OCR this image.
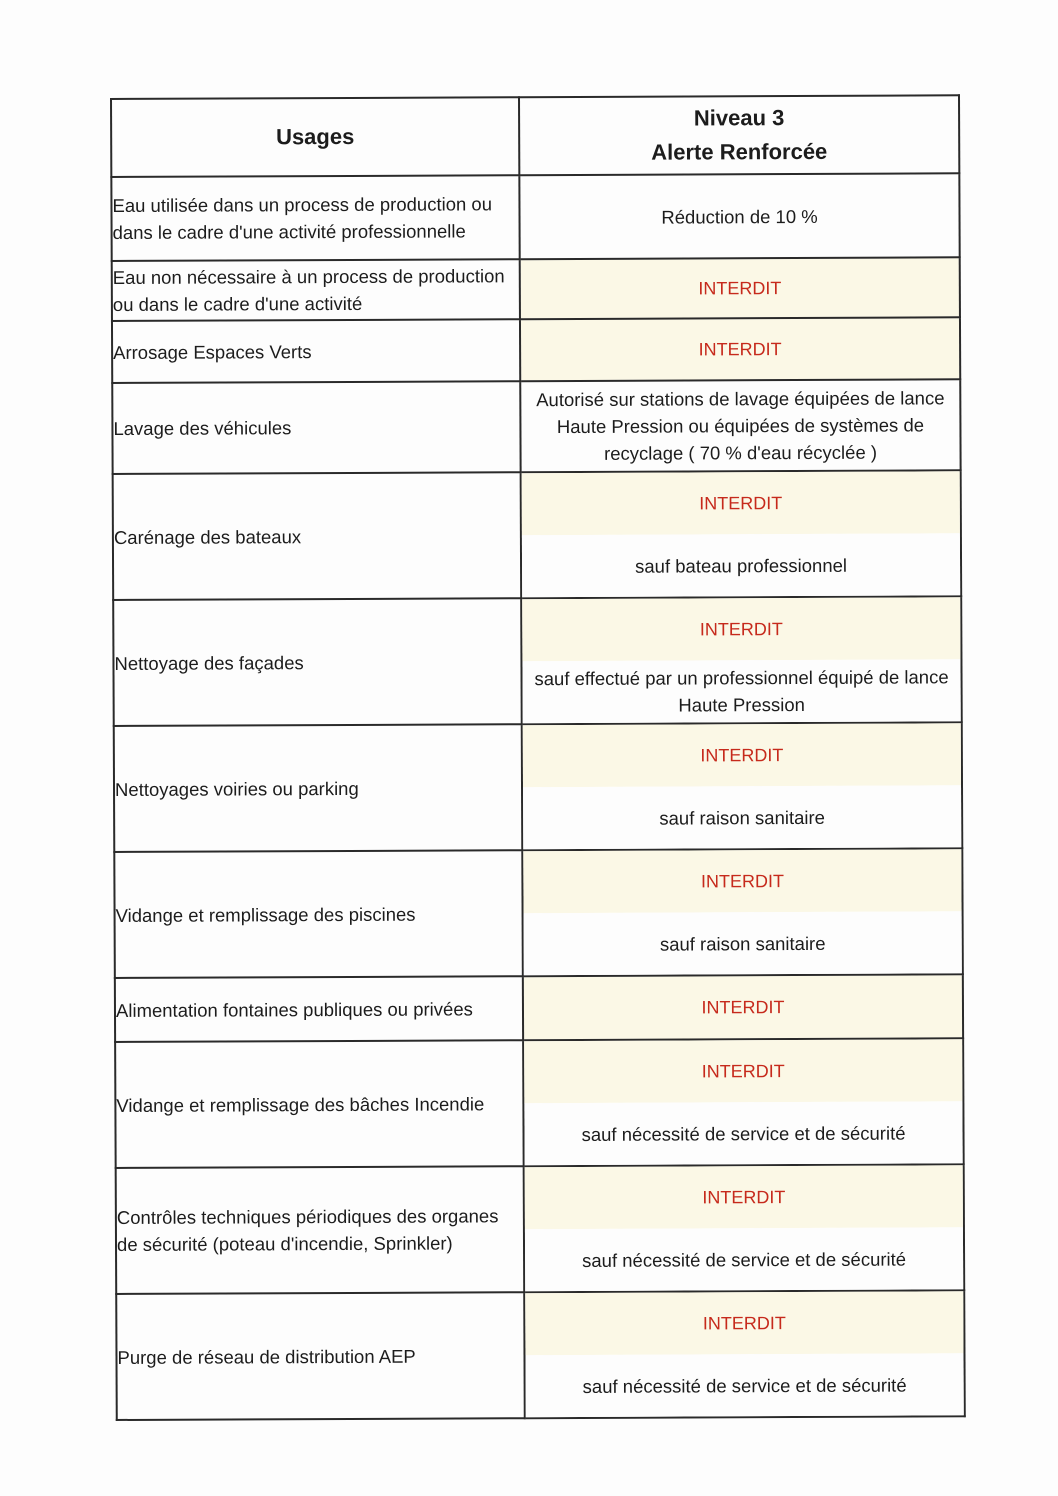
Usages	Niveau 3
Alerte Renforcée

Eau utilisée dans un process de production ou dans le cadre d'une activité professionnelle	Réduction de 10 %

Eau non nécessaire à un process de production ou dans le cadre d'une activité	INTERDIT

Arrosage Espaces Verts	INTERDIT

Lavage des véhicules	Autorisé sur stations de lavage équipées de lance Haute Pression ou équipées de systèmes de recyclage ( 70 % d'eau récyclée )

Carénage des bateaux	INTERDIT
sauf bateau professionnel

Nettoyage des façades	INTERDIT
sauf effectué par un professionnel équipé de lance Haute Pression

Nettoyages voiries ou parking	INTERDIT
sauf raison sanitaire

Vidange et remplissage des piscines	INTERDIT
sauf raison sanitaire

Alimentation fontaines publiques ou privées	INTERDIT

Vidange et remplissage des bâches Incendie	INTERDIT
sauf nécessité de service et de sécurité

Contrôles techniques périodiques des organes de sécurité (poteau d'incendie, Sprinkler)	INTERDIT
sauf nécessité de service et de sécurité

Purge de réseau de distribution AEP	INTERDIT
sauf nécessité de service et de sécurité
